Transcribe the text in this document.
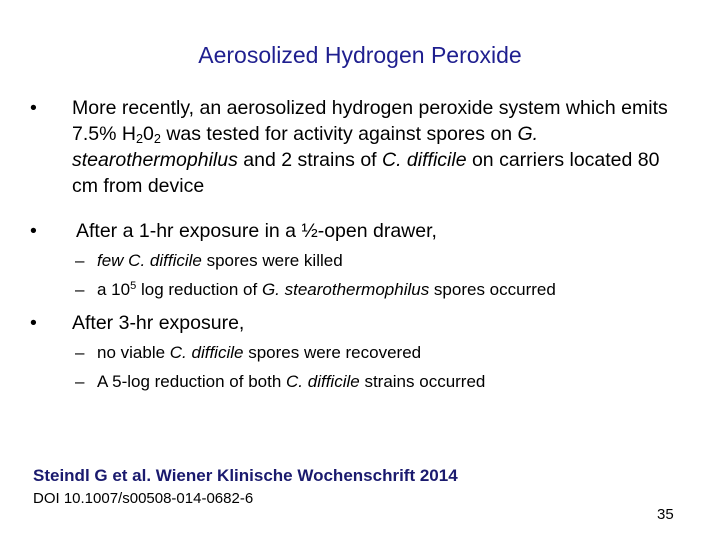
Aerosolized Hydrogen Peroxide
• More recently, an aerosolized hydrogen peroxide system which emits 7.5% $H_20_2$ was tested for activity against spores on G. stearothermophilus and 2 strains of C. difficile on carriers located 80 cm from device
• After a 1-hr exposure in a ½-open drawer,
– few C. difficile spores were killed
– a $10^5$ log reduction of G. stearothermophilus spores occurred
• After 3-hr exposure,
– no viable C. difficile spores were recovered
– A 5-log reduction of both C. difficile strains occurred
Steindl G et al. Wiener Klinische Wochenschrift 2014
DOI 10.1007/s00508-014-0682-6
35
